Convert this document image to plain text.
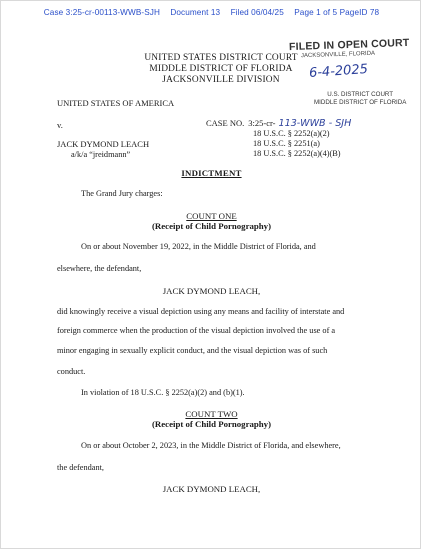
Case 3:25-cr-00113-WWB-SJH Document 13 Filed 06/04/25 Page 1 of 5 PageID 78
FILED IN OPEN COURT
JACKSONVILLE, FLORIDA
6-4-2025
U.S. DISTRICT COURT
MIDDLE DISTRICT OF FLORIDA
UNITED STATES DISTRICT COURT
MIDDLE DISTRICT OF FLORIDA
JACKSONVILLE DIVISION
UNITED STATES OF AMERICA
v.
JACK DYMOND LEACH
a/k/a “jreidmann”
CASE NO. 3:25-cr- 113-WWB - SJH
18 U.S.C. § 2252(a)(2)
18 U.S.C. § 2251(a)
18 U.S.C. § 2252(a)(4)(B)
INDICTMENT
The Grand Jury charges:
COUNT ONE
(Receipt of Child Pornography)
On or about November 19, 2022, in the Middle District of Florida, and
elsewhere, the defendant,
JACK DYMOND LEACH,
did knowingly receive a visual depiction using any means and facility of interstate and
foreign commerce when the production of the visual depiction involved the use of a
minor engaging in sexually explicit conduct, and the visual depiction was of such
conduct.
In violation of 18 U.S.C. § 2252(a)(2) and (b)(1).
COUNT TWO
(Receipt of Child Pornography)
On or about October 2, 2023, in the Middle District of Florida, and elsewhere,
the defendant,
JACK DYMOND LEACH,
